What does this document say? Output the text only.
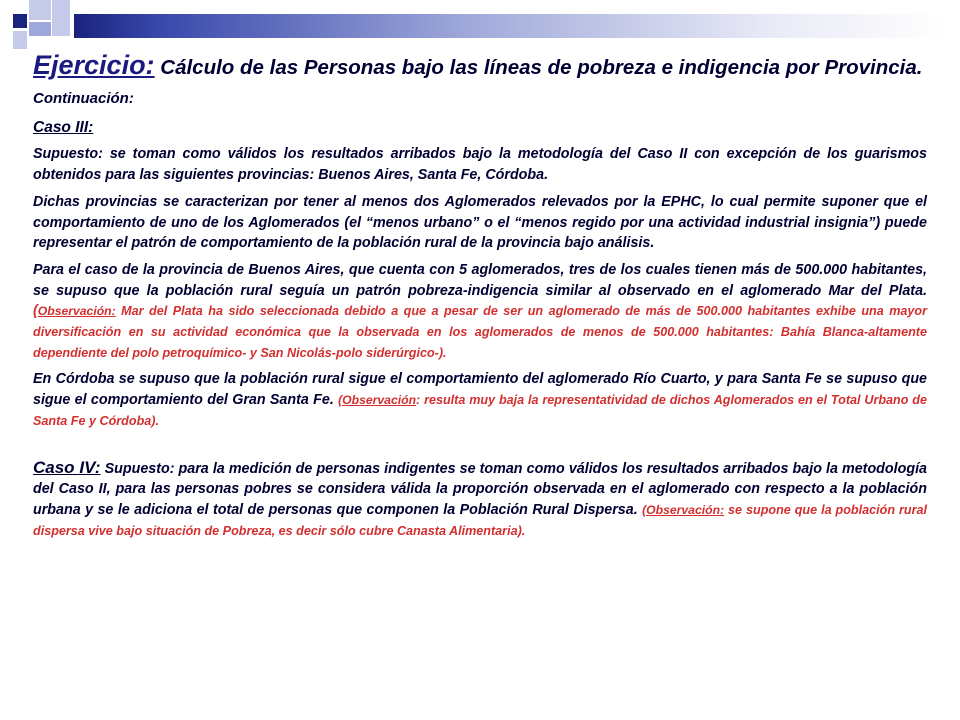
Ejercicio: Cálculo de las Personas bajo las líneas de pobreza e indigencia por Provincia.

Continuación:

Caso III:

Supuesto: se toman como válidos los resultados arribados bajo la metodología del Caso II con excepción de los guarismos obtenidos para las siguientes provincias: Buenos Aires, Santa Fe, Córdoba.

Dichas provincias se caracterizan por tener al menos dos Aglomerados relevados por la EPHC, lo cual permite suponer que el comportamiento de uno de los Aglomerados (el “menos urbano” o el “menos regido por una actividad industrial insignia”) puede representar el patrón de comportamiento de la población rural de la provincia bajo análisis.

Para el caso de la provincia de Buenos Aires, que cuenta con 5 aglomerados, tres de los cuales tienen más de 500.000 habitantes, se supuso que la población rural seguía un patrón pobreza-indigencia similar al observado en el aglomerado Mar del Plata. (Observación: Mar del Plata ha sido seleccionada debido a que a pesar de ser un aglomerado de más de 500.000 habitantes exhibe una mayor diversificación en su actividad económica que la observada en los aglomerados de menos de 500.000 habitantes: Bahía Blanca-altamente dependiente del polo petroquímico- y San Nicolás-polo siderúrgico-).

En Córdoba se supuso que la población rural sigue el comportamiento del aglomerado Río Cuarto, y para Santa Fe se supuso que sigue el comportamiento del Gran Santa Fe. (Observación: resulta muy baja la representatividad de dichos Aglomerados en el Total Urbano de Santa Fe y Córdoba).

Caso IV: Supuesto: para la medición de personas indigentes se toman como válidos los resultados arribados bajo la metodología del Caso II, para las personas pobres se considera válida la proporción observada en el aglomerado con respecto a la población urbana y se le adiciona el total de personas que componen la Población Rural Dispersa. (Observación: se supone que la población rural dispersa vive bajo situación de Pobreza, es decir sólo cubre Canasta Alimentaria).
